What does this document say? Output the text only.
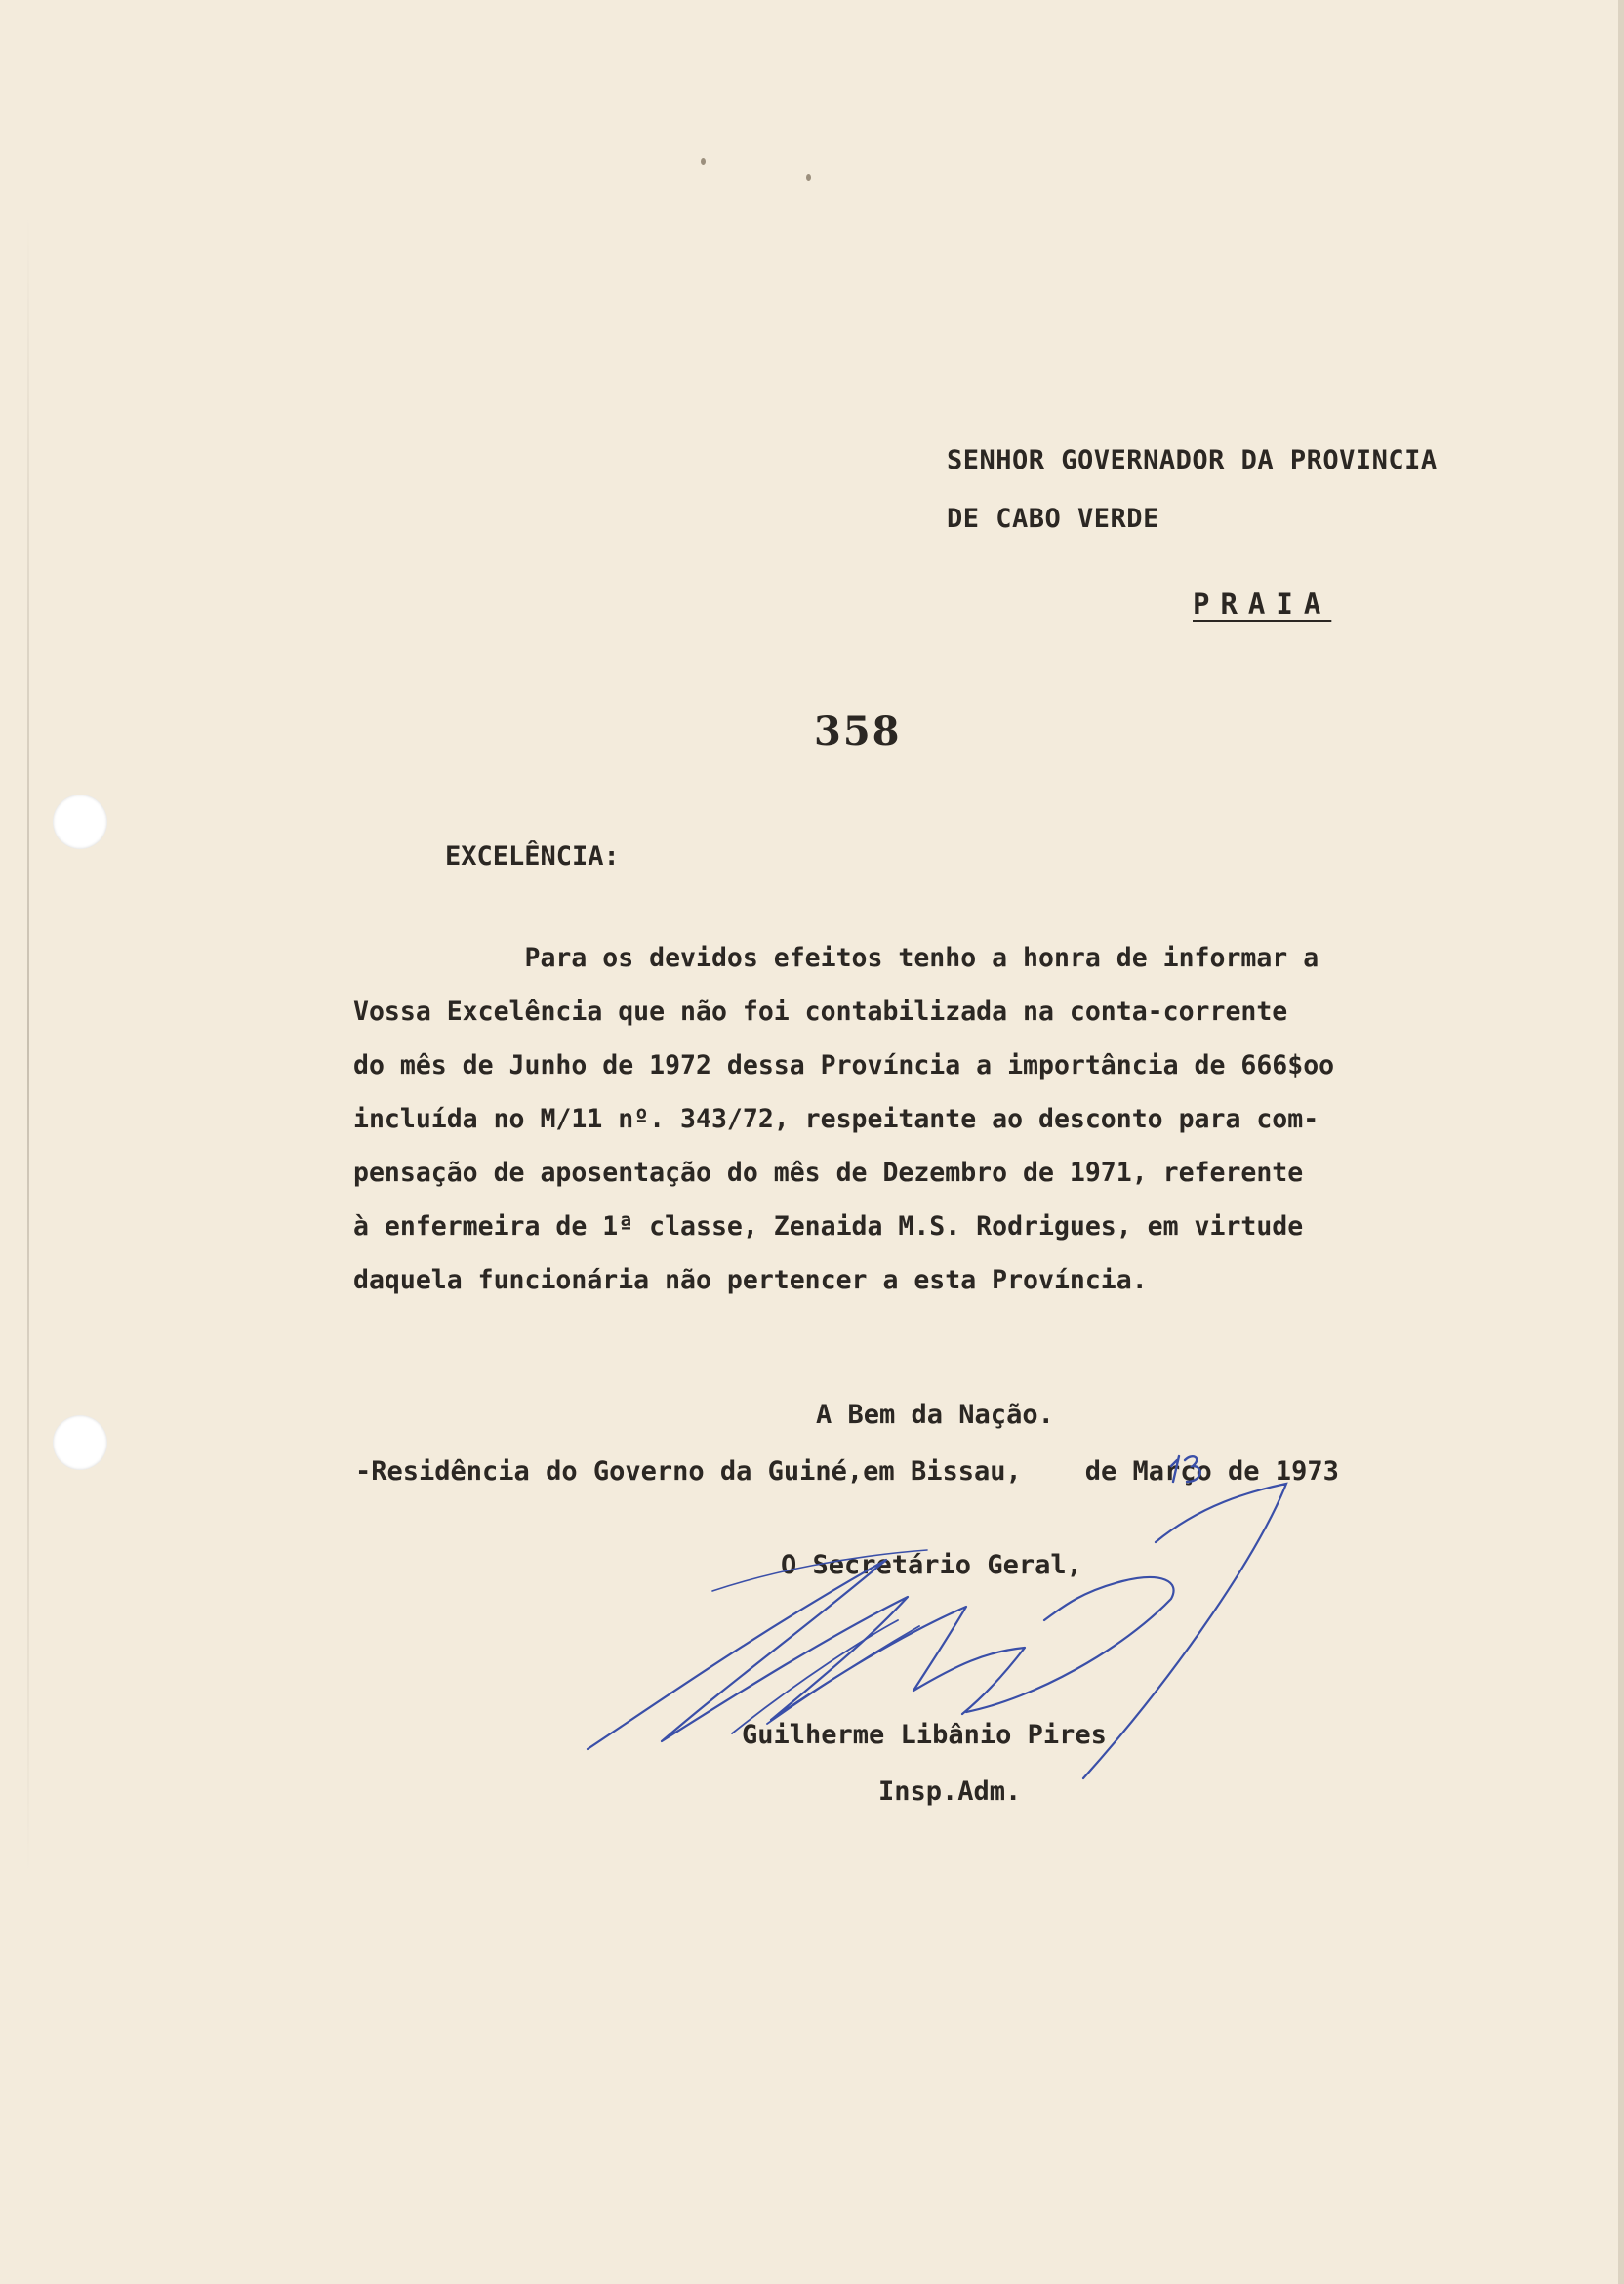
SENHOR GOVERNADOR DA PROVINCIA
DE CABO VERDE
PRAIA
358
EXCELÊNCIA:
Para os devidos efeitos tenho a honra de informar a
Vossa Excelência que não foi contabilizada na conta-corrente
do mês de Junho de 1972 dessa Província a importância de 666$oo
incluída no M/11 nº. 343/72, respeitante ao desconto para com-
pensação de aposentação do mês de Dezembro de 1971, referente
à enfermeira de 1ª classe, Zenaida M.S. Rodrigues, em virtude
daquela funcionária não pertencer a esta Província.
A Bem da Nação.
-Residência do Governo da Guiné,em Bissau,    de Março de 1973
O Secretário Geral,
Guilherme Libânio Pires
Insp.Adm.
